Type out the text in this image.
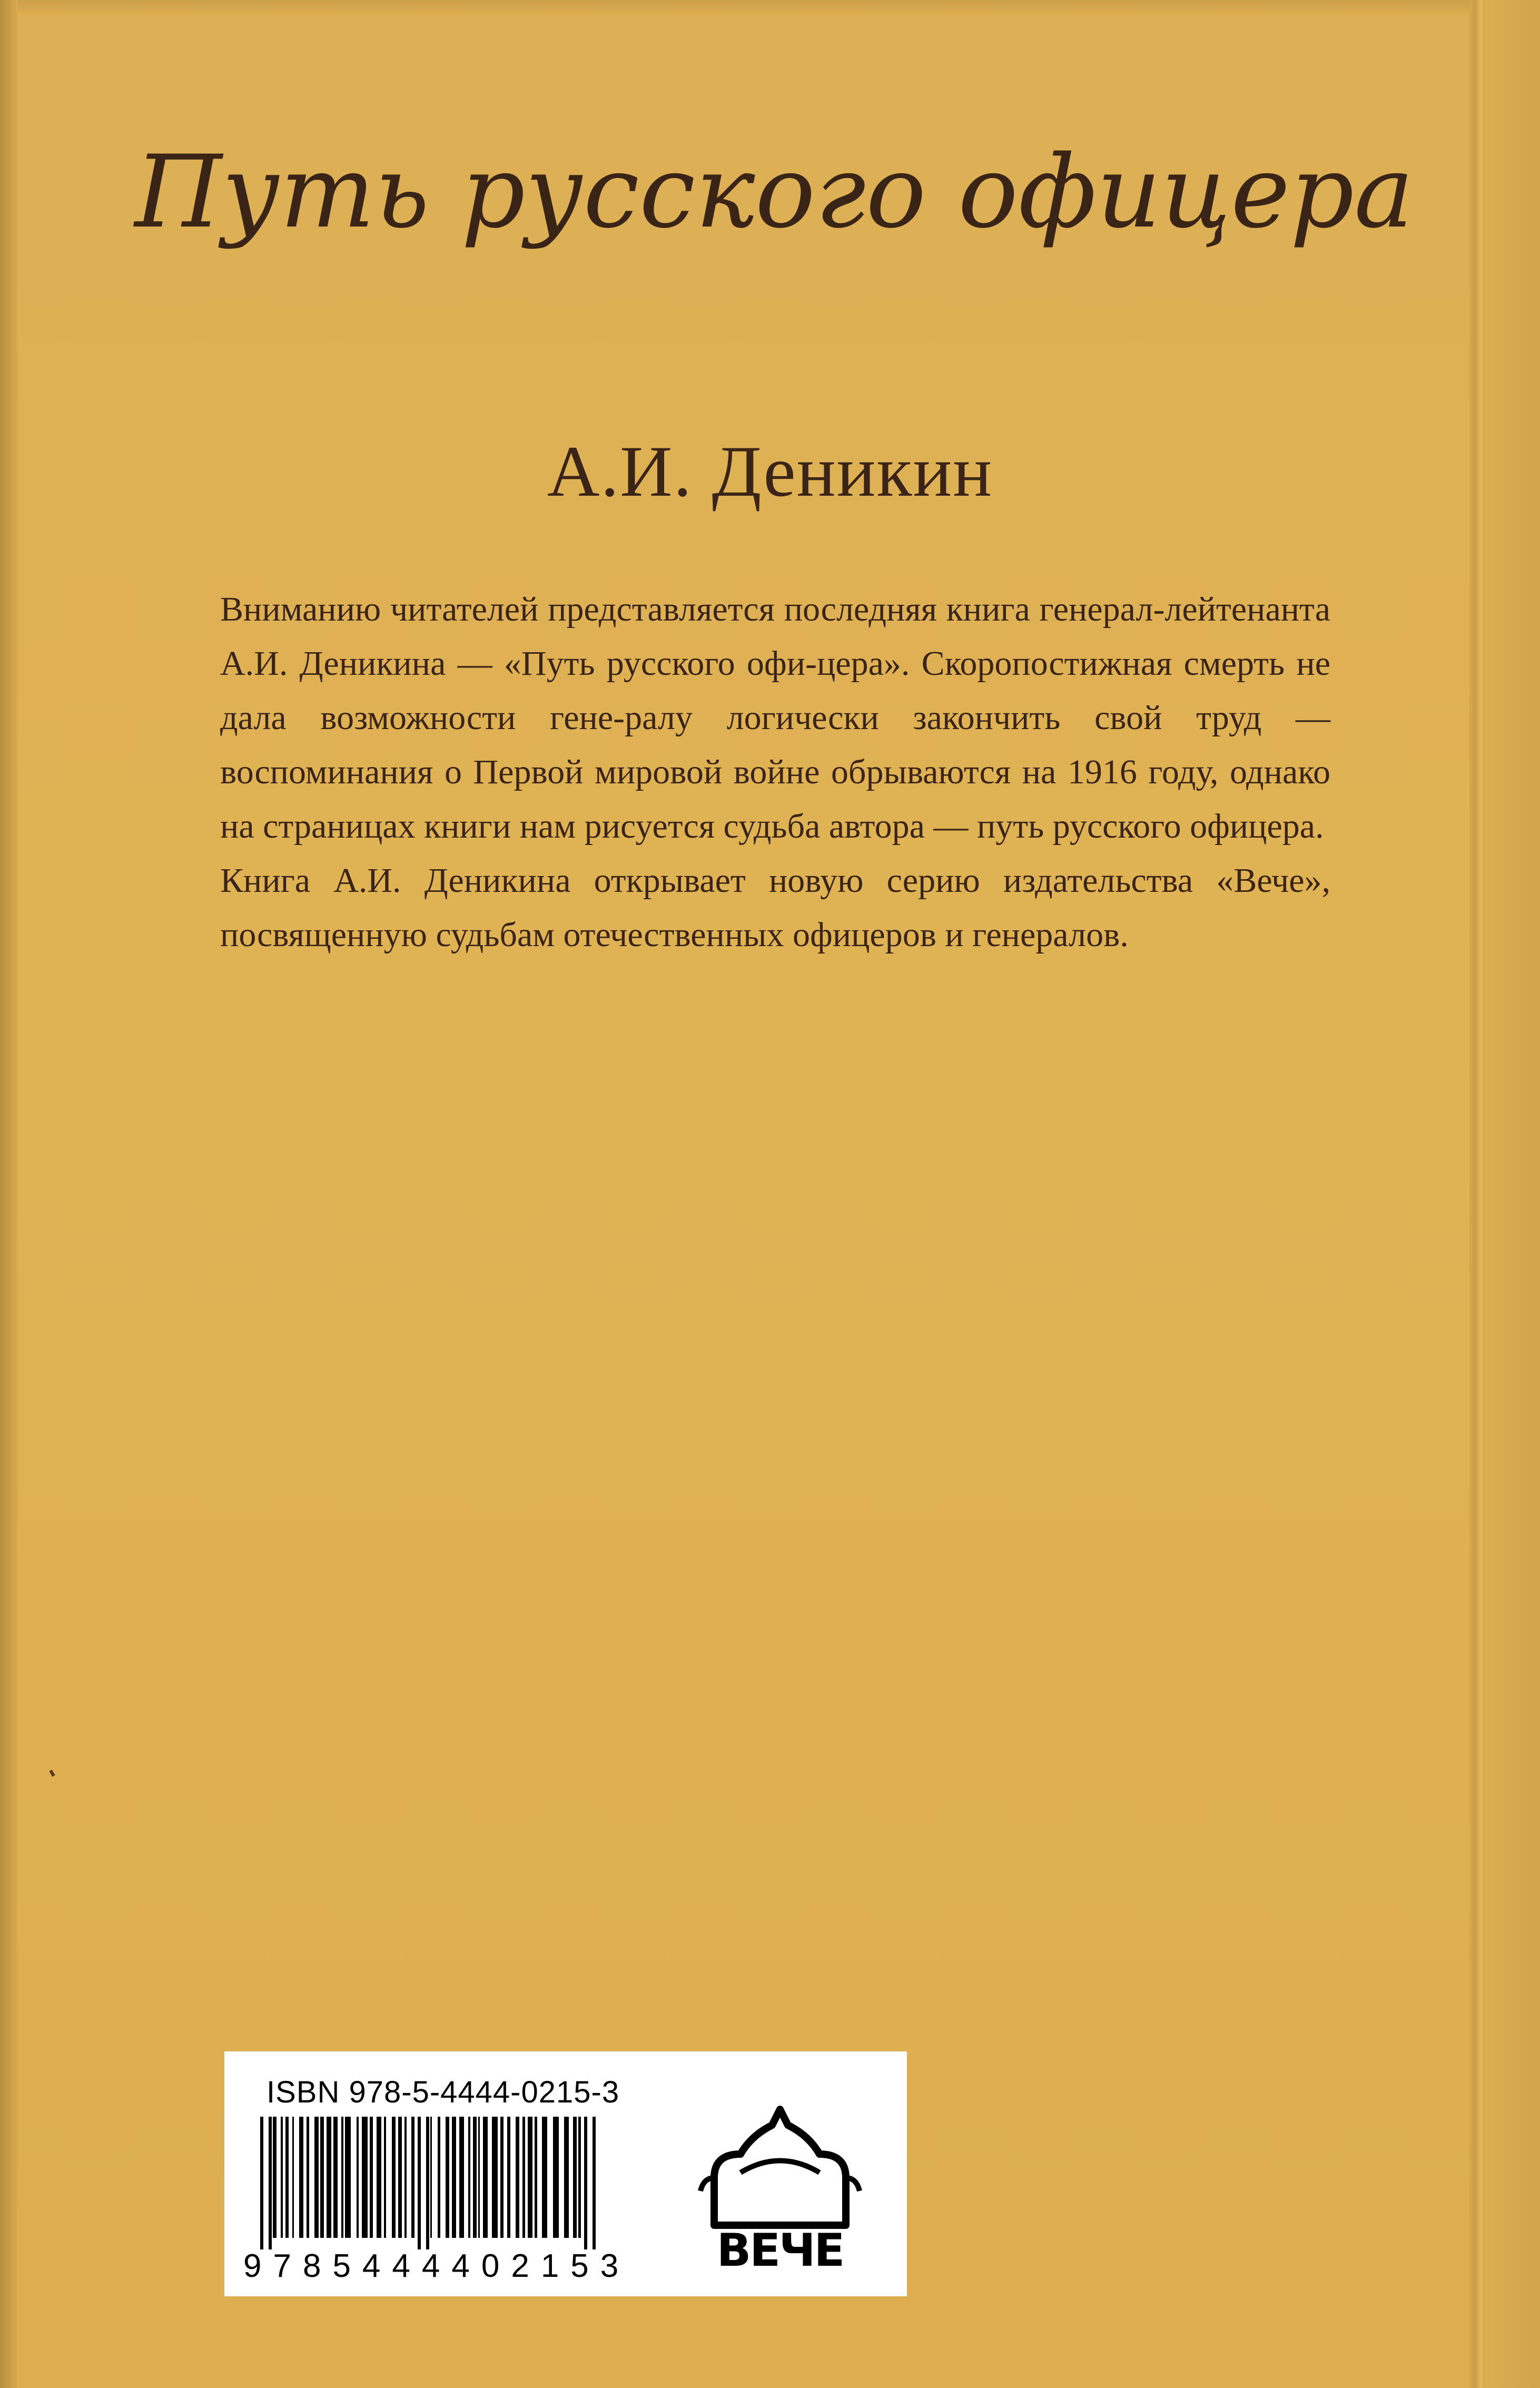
Путь русского офицера
А.И. Деникин

Вниманию читателей представляется последняя книга генерал-лейтенанта А.И. Деникина — «Путь русского офи-цера». Скоропостижная смерть не дала возможности гене-ралу логически закончить свой труд — воспоминания о Первой мировой войне обрываются на 1916 году, однако на страницах книги нам рисуется судьба автора — путь русского офицера.

Книга А.И. Деникина открывает новую серию издательства «Вече», посвященную судьбам отечественных офицеров и генералов.

ISBN 978-5-4444-0215-3
9785444402153	ВЕЧЕ
